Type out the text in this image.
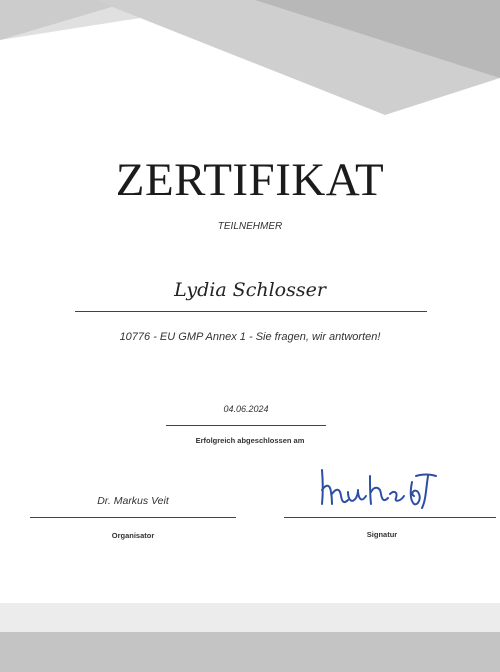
ZERTIFIKAT
TEILNEHMER
Lydia Schlosser
10776 - EU GMP Annex 1 - Sie fragen, wir antworten!
04.06.2024
Erfolgreich abgeschlossen am
Dr. Markus Veit
Organisator	Signatur
